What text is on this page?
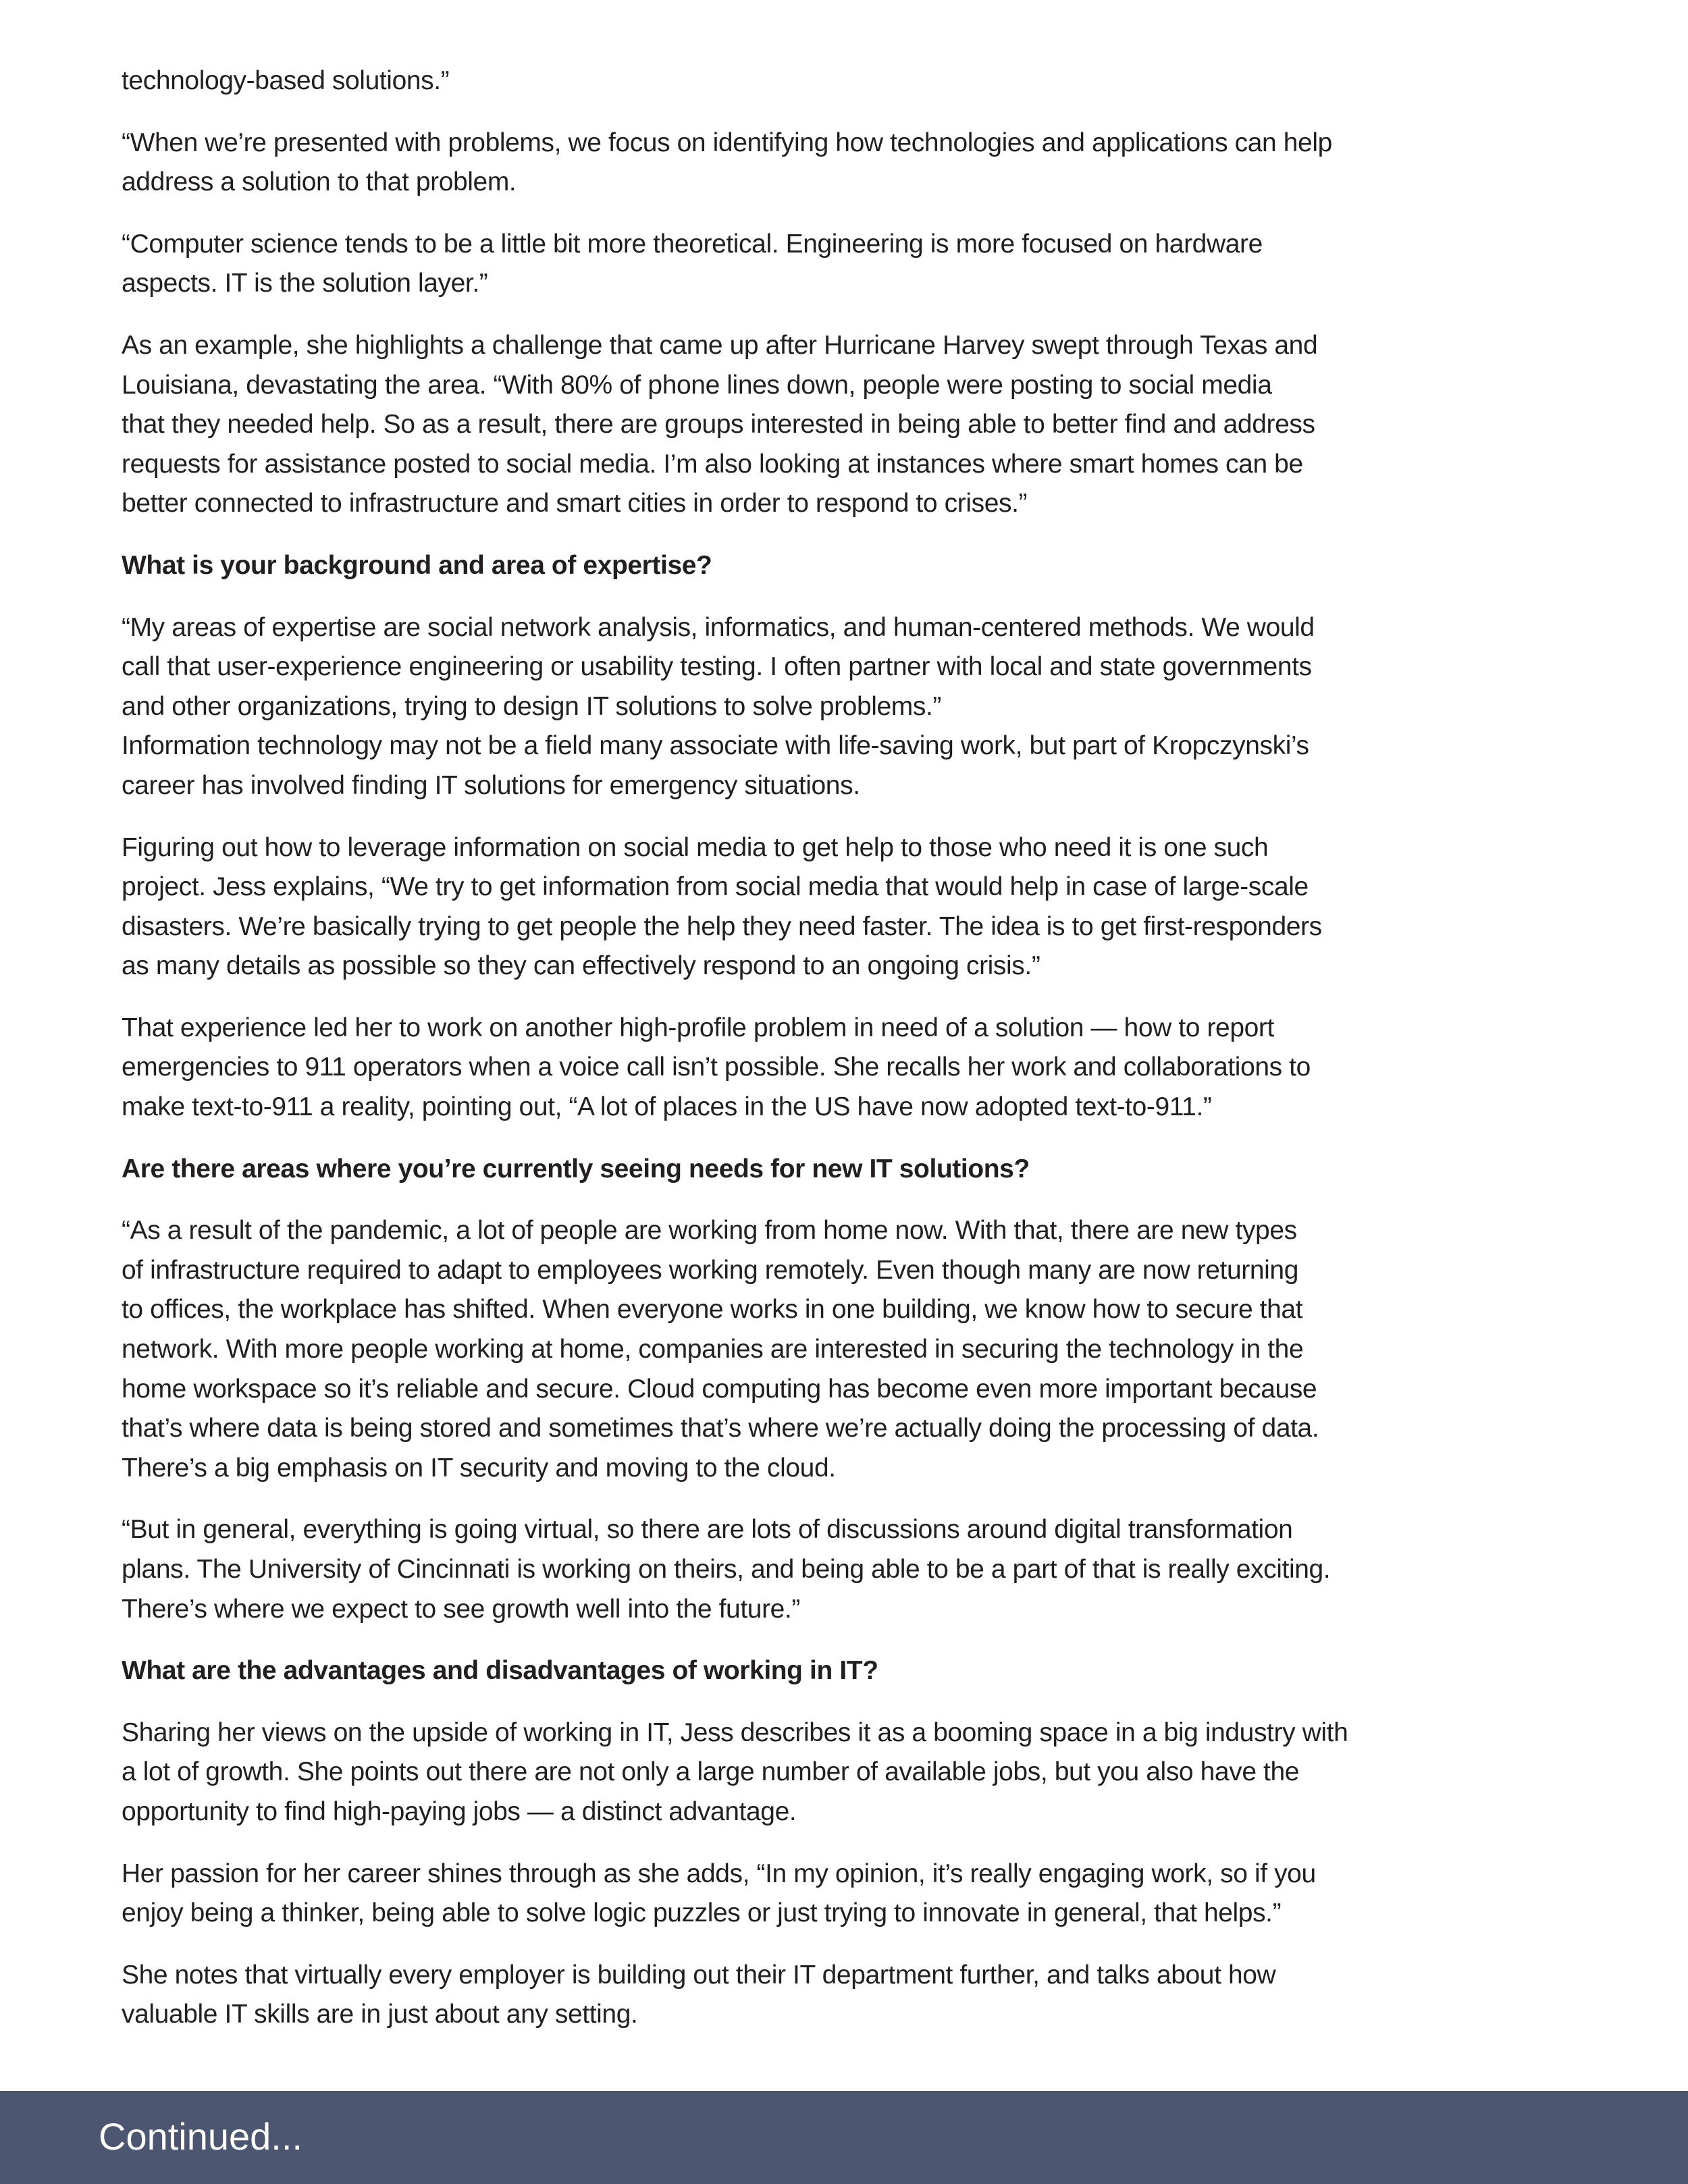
technology-based solutions.”
“When we’re presented with problems, we focus on identifying how technologies and applications can help
address a solution to that problem.
“Computer science tends to be a little bit more theoretical. Engineering is more focused on hardware
aspects. IT is the solution layer.”
As an example, she highlights a challenge that came up after Hurricane Harvey swept through Texas and
Louisiana, devastating the area. “With 80% of phone lines down, people were posting to social media
that they needed help. So as a result, there are groups interested in being able to better find and address
requests for assistance posted to social media. I’m also looking at instances where smart homes can be
better connected to infrastructure and smart cities in order to respond to crises.”
What is your background and area of expertise?
“My areas of expertise are social network analysis, informatics, and human-centered methods. We would
call that user-experience engineering or usability testing. I often partner with local and state governments
and other organizations, trying to design IT solutions to solve problems.”
Information technology may not be a field many associate with life-saving work, but part of Kropczynski’s
career has involved finding IT solutions for emergency situations.
Figuring out how to leverage information on social media to get help to those who need it is one such
project. Jess explains, “We try to get information from social media that would help in case of large-scale
disasters. We’re basically trying to get people the help they need faster. The idea is to get first-responders
as many details as possible so they can effectively respond to an ongoing crisis.”
That experience led her to work on another high-profile problem in need of a solution — how to report
emergencies to 911 operators when a voice call isn’t possible. She recalls her work and collaborations to
make text-to-911 a reality, pointing out, “A lot of places in the US have now adopted text-to-911.”
Are there areas where you’re currently seeing needs for new IT solutions?
“As a result of the pandemic, a lot of people are working from home now. With that, there are new types
of infrastructure required to adapt to employees working remotely. Even though many are now returning
to offices, the workplace has shifted. When everyone works in one building, we know how to secure that
network. With more people working at home, companies are interested in securing the technology in the
home workspace so it’s reliable and secure. Cloud computing has become even more important because
that’s where data is being stored and sometimes that’s where we’re actually doing the processing of data.
There’s a big emphasis on IT security and moving to the cloud.
“But in general, everything is going virtual, so there are lots of discussions around digital transformation
plans. The University of Cincinnati is working on theirs, and being able to be a part of that is really exciting.
There’s where we expect to see growth well into the future.”
What are the advantages and disadvantages of working in IT?
Sharing her views on the upside of working in IT, Jess describes it as a booming space in a big industry with
a lot of growth. She points out there are not only a large number of available jobs, but you also have the
opportunity to find high-paying jobs — a distinct advantage.
Her passion for her career shines through as she adds, “In my opinion, it’s really engaging work, so if you
enjoy being a thinker, being able to solve logic puzzles or just trying to innovate in general, that helps.”
She notes that virtually every employer is building out their IT department further, and talks about how
valuable IT skills are in just about any setting.
Continued...
